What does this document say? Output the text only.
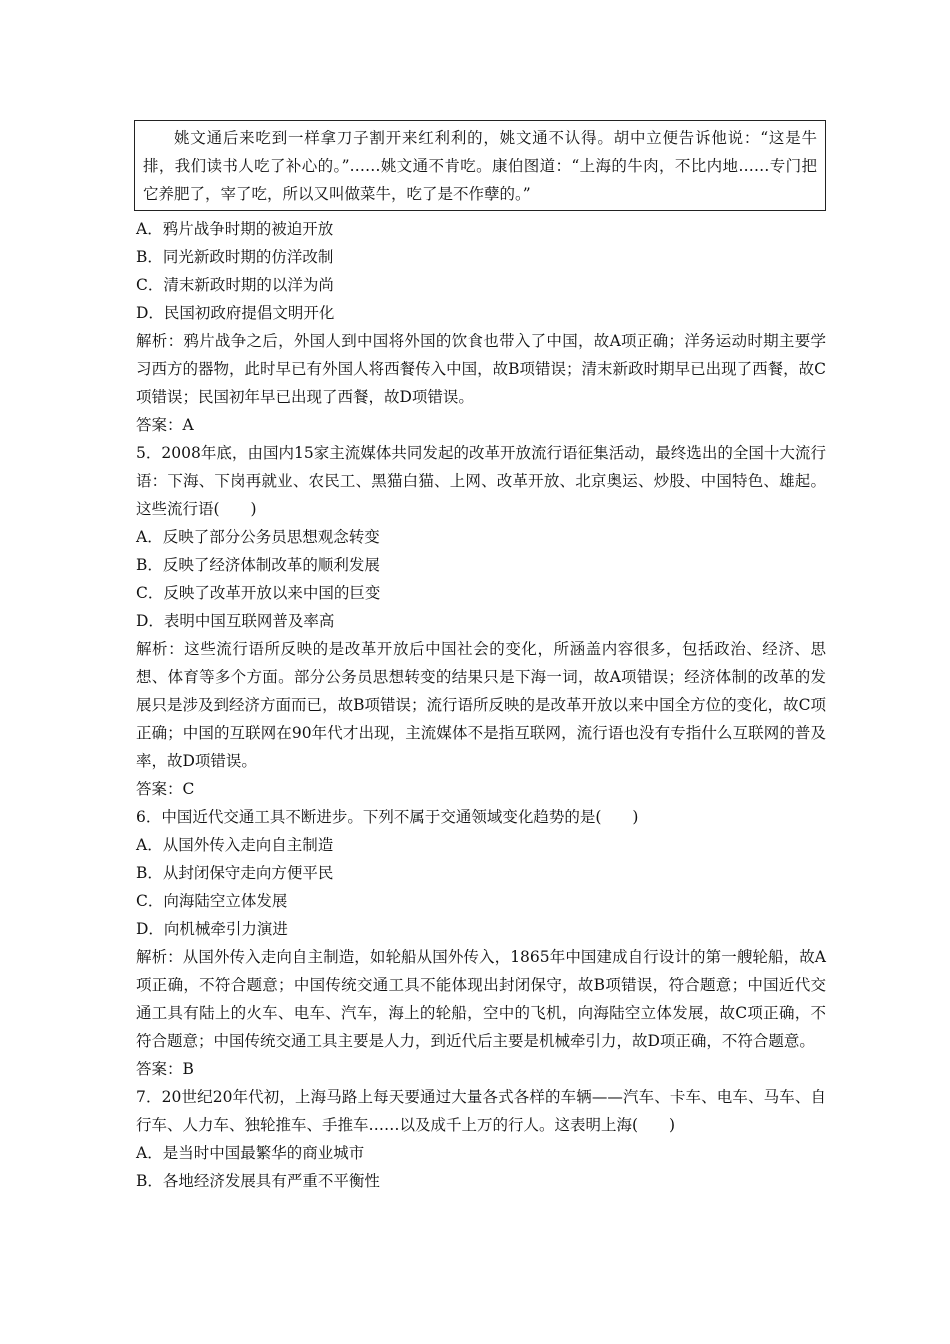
姚文通后来吃到一样拿刀子割开来红利利的，姚文通不认得。胡中立便告诉他说：“这是牛排，我们读书人吃了补心的。”……姚文通不肯吃。康伯图道：“上海的牛肉，不比内地……专门把它养肥了，宰了吃，所以又叫做菜牛，吃了是不作孽的。”

A．鸦片战争时期的被迫开放

B．同光新政时期的仿洋改制

C．清末新政时期的以洋为尚

D．民国初政府提倡文明开化

解析：鸦片战争之后，外国人到中国将外国的饮食也带入了中国，故A项正确；洋务运动时期主要学习西方的器物，此时早已有外国人将西餐传入中国，故B项错误；清末新政时期早已出现了西餐，故C项错误；民国初年早已出现了西餐，故D项错误。

答案：A

5．2008年底，由国内15家主流媒体共同发起的改革开放流行语征集活动，最终选出的全国十大流行语：下海、下岗再就业、农民工、黑猫白猫、上网、改革开放、北京奥运、炒股、中国特色、雄起。这些流行语(　　)

A．反映了部分公务员思想观念转变

B．反映了经济体制改革的顺利发展

C．反映了改革开放以来中国的巨变

D．表明中国互联网普及率高

解析：这些流行语所反映的是改革开放后中国社会的变化，所涵盖内容很多，包括政治、经济、思想、体育等多个方面。部分公务员思想转变的结果只是下海一词，故A项错误；经济体制的改革的发展只是涉及到经济方面而已，故B项错误；流行语所反映的是改革开放以来中国全方位的变化，故C项正确；中国的互联网在90年代才出现，主流媒体不是指互联网，流行语也没有专指什么互联网的普及率，故D项错误。

答案：C

6．中国近代交通工具不断进步。下列不属于交通领域变化趋势的是(　　)

A．从国外传入走向自主制造

B．从封闭保守走向方便平民

C．向海陆空立体发展

D．向机械牵引力演进

解析：从国外传入走向自主制造，如轮船从国外传入，1865年中国建成自行设计的第一艘轮船，故A项正确，不符合题意；中国传统交通工具不能体现出封闭保守，故B项错误，符合题意；中国近代交通工具有陆上的火车、电车、汽车，海上的轮船，空中的飞机，向海陆空立体发展，故C项正确，不符合题意；中国传统交通工具主要是人力，到近代后主要是机械牵引力，故D项正确，不符合题意。

答案：B

7．20世纪20年代初，上海马路上每天要通过大量各式各样的车辆——汽车、卡车、电车、马车、自行车、人力车、独轮推车、手推车……以及成千上万的行人。这表明上海(　　)

A．是当时中国最繁华的商业城市

B．各地经济发展具有严重不平衡性
